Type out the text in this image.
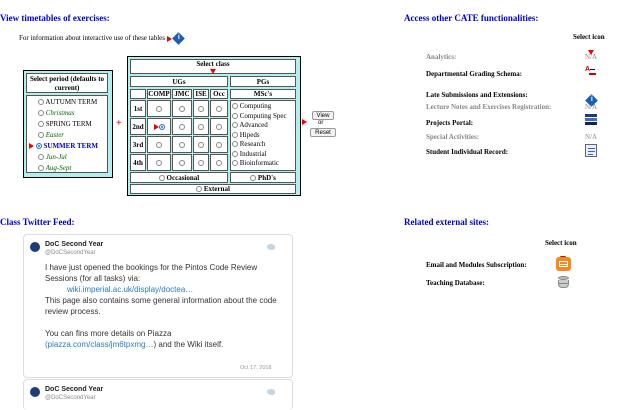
View timetables of exercises:	Access other CATE functionalities:
Class Twitter Feed:	Related external sites:
For information about interactive use of these tables  i
Select period (defaults to current)
AUTUMN TERM
Christmas
SPRING TERM
Easter
SUMMER TERM
Jun-Jul
Aug-Sept
+
Select class
UGs	PGs
COMP JMC ISE Occ	MSc's
1st
2nd
3rd
4th
Computing
Computing Spec
Advanced
Hipeds
Research
Industrial
Bioinformatic
Occasional	PhD's
External
View
or
Reset
Select icon
Analytics:	N/A
Departmental Grading Schema:
A
Late Submissions and Extensions:
i
Lecture Notes and Exercises Registration:	N/A
Projects Portal:
Special Activities:	N/A
Student Individual Record:
Select icon
Email and Modules Subscription:
Teaching Database:
DoC Second Year
@DoCSecondYear
I have just opened the bookings for the Pintos Code Review Sessions (for all tasks) via:
wiki.imperial.ac.uk/display/doctea…
This page also contains some general information about the code review process.
You can fins more details on Piazza
(piazza.com/class/jm6tpxmg…) and the Wiki itself.
Oct 17, 2018
DoC Second Year
@DoCSecondYear
